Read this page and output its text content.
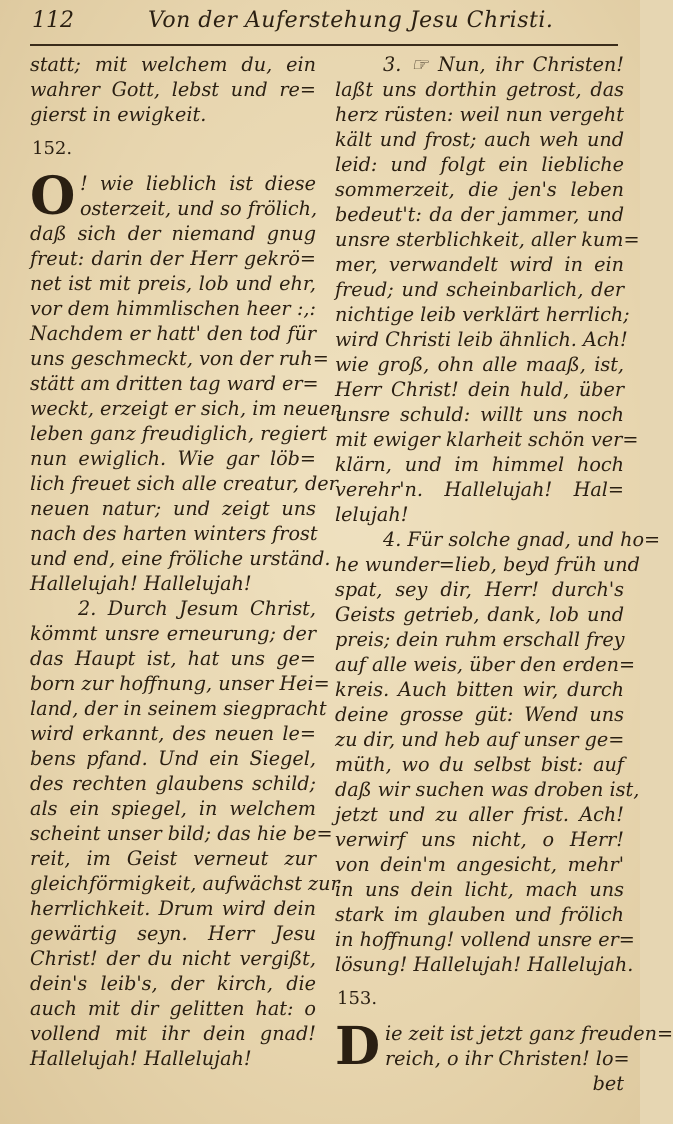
112	Von der Auferstehung Jesu Christi.
statt; mit welchem du, ein
wahrer Gott, lebst und re=
gierst in ewigkeit.
152.
O ! wie lieblich ist diese
osterzeit, und so frölich,
daß sich der niemand gnug
freut: darin der Herr gekrö=
net ist mit preis, lob und ehr,
vor dem himmlischen heer :,:
Nachdem er hatt' den tod für
uns geschmeckt, von der ruh=
stätt am dritten tag ward er=
weckt, erzeigt er sich, im neuen
leben ganz freudiglich, regiert
nun ewiglich. Wie gar löb=
lich freuet sich alle creatur, der
neuen natur; und zeigt uns
nach des harten winters frost
und end, eine fröliche urständ.
Hallelujah! Hallelujah!
2. Durch Jesum Christ,
kömmt unsre erneurung; der
das Haupt ist, hat uns ge=
born zur hoffnung, unser Hei=
land, der in seinem siegpracht
wird erkannt, des neuen le=
bens pfand. Und ein Siegel,
des rechten glaubens schild;
als ein spiegel, in welchem
scheint unser bild; das hie be=
reit, im Geist verneut zur
gleichförmigkeit, aufwächst zur
herrlichkeit. Drum wird dein
gewärtig seyn. Herr Jesu
Christ! der du nicht vergißt,
dein's leib's, der kirch, die
auch mit dir gelitten hat: o
vollend mit ihr dein gnad!
Hallelujah! Hallelujah!
3. ☞ Nun, ihr Christen!
laßt uns dorthin getrost, das
herz rüsten: weil nun vergeht
kält und frost; auch weh und
leid: und folgt ein liebliche
sommerzeit, die jen's leben
bedeut't: da der jammer, und
unsre sterblichkeit, aller kum=
mer, verwandelt wird in ein
freud; und scheinbarlich, der
nichtige leib verklärt herrlich;
wird Christi leib ähnlich. Ach!
wie groß, ohn alle maaß, ist,
Herr Christ! dein huld, über
unsre schuld: willt uns noch
mit ewiger klarheit schön ver=
klärn, und im himmel hoch
verehr'n. Hallelujah! Hal=
lelujah!
4. Für solche gnad, und ho=
he wunder=lieb, beyd früh und
spat, sey dir, Herr! durch's
Geists getrieb, dank, lob und
preis; dein ruhm erschall frey
auf alle weis, über den erden=
kreis. Auch bitten wir, durch
deine grosse güt: Wend uns
zu dir, und heb auf unser ge=
müth, wo du selbst bist: auf
daß wir suchen was droben ist,
jetzt und zu aller frist. Ach!
verwirf uns nicht, o Herr!
von dein'm angesicht, mehr'
in uns dein licht, mach uns
stark im glauben und frölich
in hoffnung! vollend unsre er=
lösung! Hallelujah! Hallelujah.
153.
D ie zeit ist jetzt ganz freuden=
reich, o ihr Christen! lo=
bet
